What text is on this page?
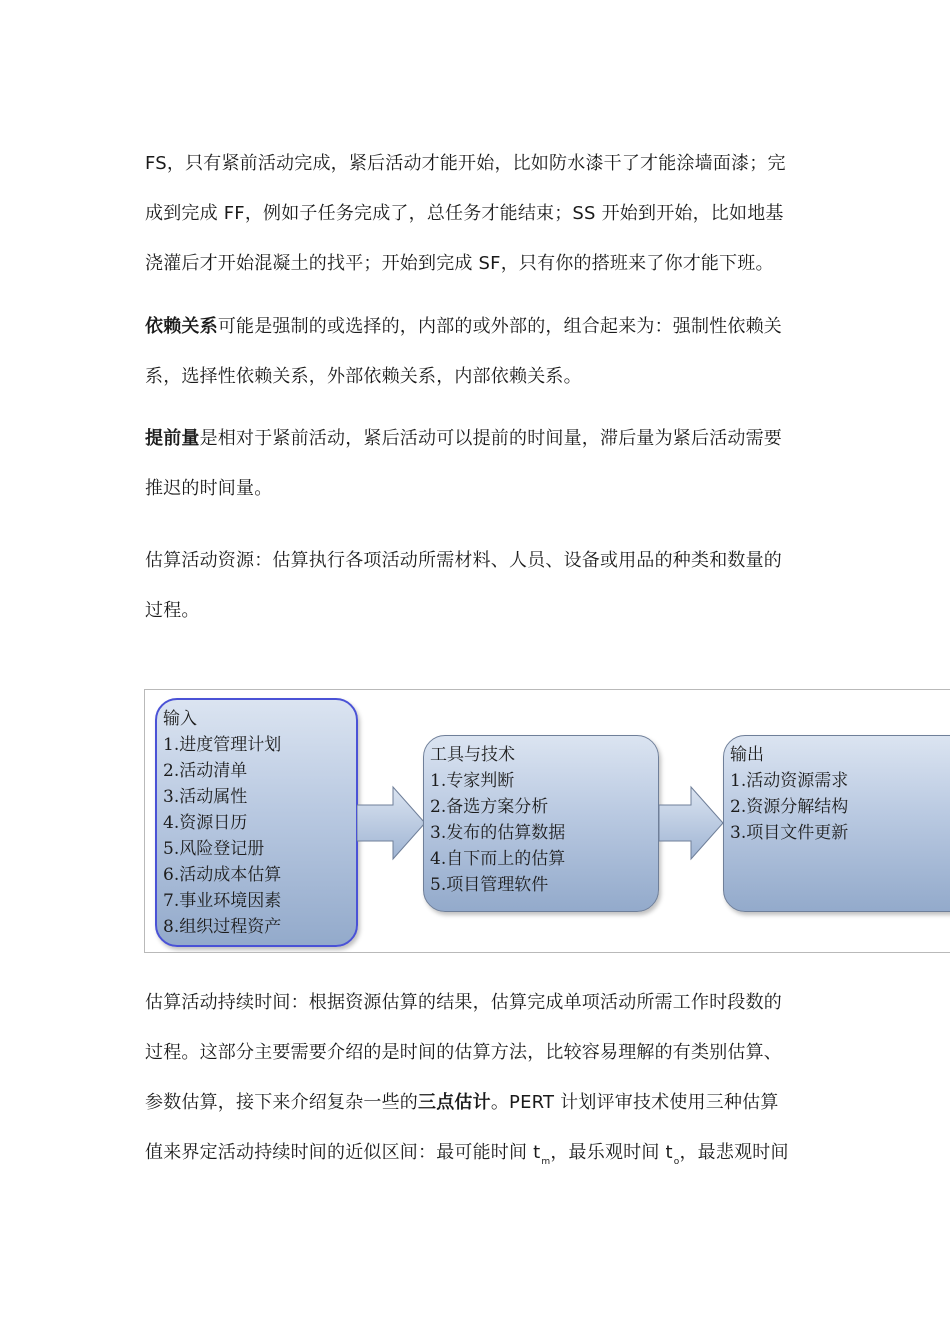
FS，只有紧前活动完成，紧后活动才能开始，比如防水漆干了才能涂墙面漆；完
成到完成 FF，例如子任务完成了，总任务才能结束；SS 开始到开始，比如地基
浇灌后才开始混凝土的找平；开始到完成 SF，只有你的搭班来了你才能下班。
依赖关系可能是强制的或选择的，内部的或外部的，组合起来为：强制性依赖关
系，选择性依赖关系，外部依赖关系，内部依赖关系。
提前量是相对于紧前活动，紧后活动可以提前的时间量，滞后量为紧后活动需要
推迟的时间量。
估算活动资源：估算执行各项活动所需材料、人员、设备或用品的种类和数量的
过程。
输入
1.进度管理计划
2.活动清单
3.活动属性
4.资源日历
5.风险登记册
6.活动成本估算
7.事业环境因素
8.组织过程资产
工具与技术
1.专家判断
2.备选方案分析
3.发布的估算数据
4.自下而上的估算
5.项目管理软件
输出
1.活动资源需求
2.资源分解结构
3.项目文件更新
估算活动持续时间：根据资源估算的结果，估算完成单项活动所需工作时段数的
过程。这部分主要需要介绍的是时间的估算方法，比较容易理解的有类别估算、
参数估算，接下来介绍复杂一些的三点估计。PERT 计划评审技术使用三种估算
值来界定活动持续时间的近似区间：最可能时间 $t_m$，最乐观时间 $t_o$，最悲观时间
